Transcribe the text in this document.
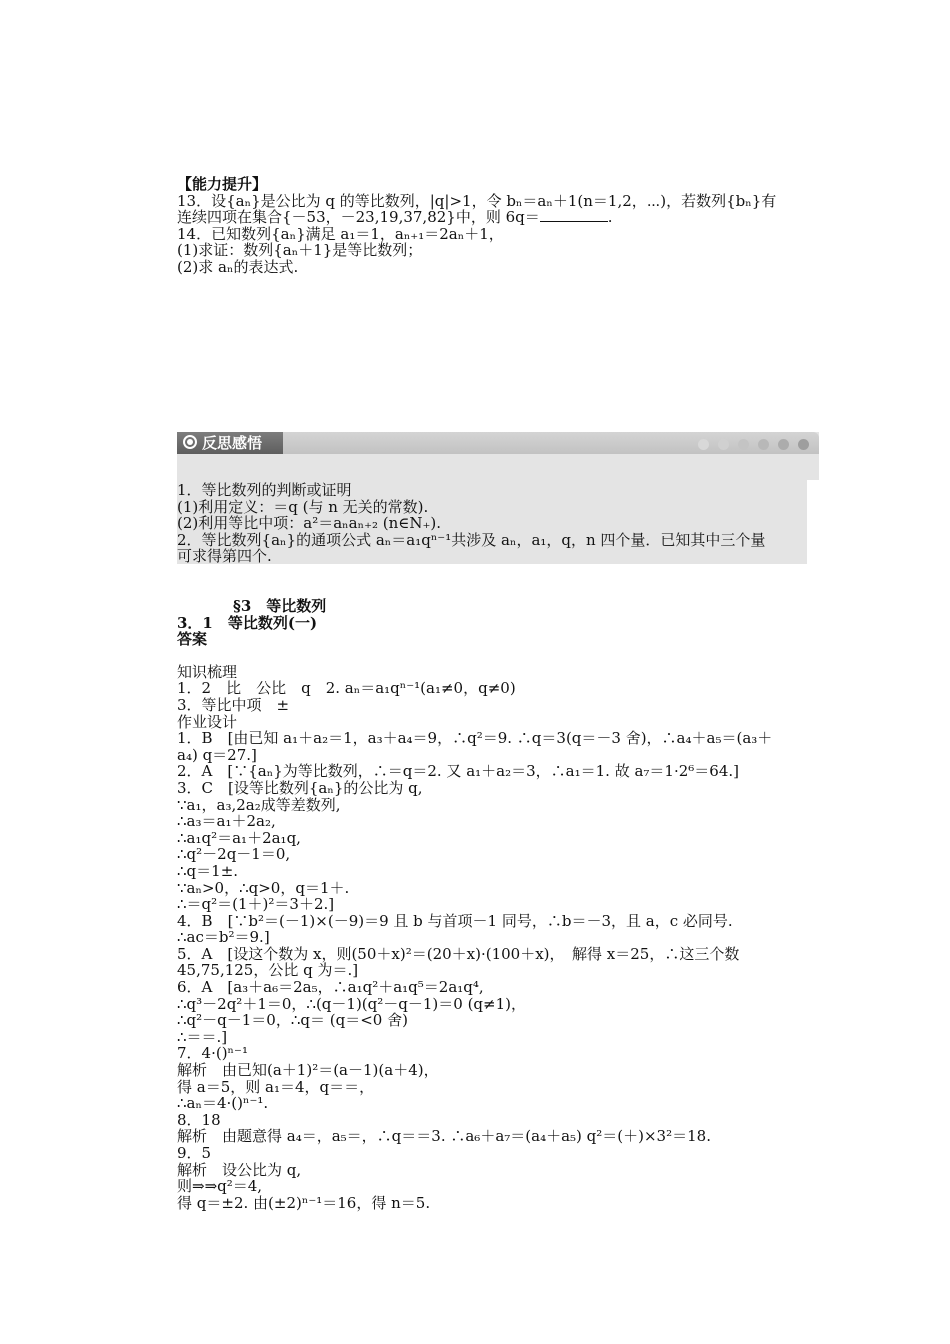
【能力提升】
13．设{aₙ}是公比为 q 的等比数列，|q|>1，令 bₙ＝aₙ＋1(n＝1,2，⋯)，若数列{bₙ}有
连续四项在集合{－53，－23,19,37,82}中，则 6q＝	.
14．已知数列{aₙ}满足 a₁＝1，aₙ₊₁＝2aₙ＋1，
(1)求证：数列{aₙ＋1}是等比数列；
(2)求 aₙ的表达式.
反思感悟
1．等比数列的判断或证明
(1)利用定义：＝q (与 n 无关的常数).
(2)利用等比中项：a²＝aₙaₙ₊₂ (n∈N₊).
2．等比数列{aₙ}的通项公式 aₙ＝a₁qⁿ⁻¹共涉及 aₙ，a₁，q，n 四个量．已知其中三个量
可求得第四个.
§3　等比数列
3．1　等比数列(一)
答案
知识梳理
1．2　比　公比　q　2. aₙ＝a₁qⁿ⁻¹(a₁≠0，q≠0)
3．等比中项　±
作业设计
1．B　[由已知 a₁＋a₂＝1，a₃＋a₄＝9，∴q²＝9. ∴q＝3(q＝－3 舍)，∴a₄＋a₅＝(a₃＋
a₄) q＝27.]
2．A　[∵{aₙ}为等比数列，∴＝q＝2. 又 a₁＋a₂＝3，∴a₁＝1. 故 a₇＝1·2⁶＝64.]
3．C　[设等比数列{aₙ}的公比为 q,
∵a₁，a₃,2a₂成等差数列,
∴a₃＝a₁＋2a₂,
∴a₁q²＝a₁＋2a₁q,
∴q²－2q－1＝0,
∴q＝1±.
∵aₙ>0，∴q>0，q＝1＋.
∴＝q²＝(1＋)²＝3＋2.]
4．B　[∵b²＝(－1)×(－9)＝9 且 b 与首项－1 同号，∴b＝－3，且 a，c 必同号.
∴ac＝b²＝9.]
5．A　[设这个数为 x，则(50＋x)²＝(20＋x)·(100＋x)，　解得 x＝25，∴这三个数
45,75,125，公比 q 为＝.]
6．A　[a₃＋a₆＝2a₅，∴a₁q²＋a₁q⁵＝2a₁q⁴,
∴q³－2q²＋1＝0，∴(q－1)(q²－q－1)＝0 (q≠1)，
∴q²－q－1＝0，∴q＝ (q＝<0 舍)
∴＝＝.]
7．4·()ⁿ⁻¹
解析　由已知(a＋1)²＝(a－1)(a＋4)，
得 a＝5，则 a₁＝4，q＝＝，
∴aₙ＝4·()ⁿ⁻¹.
8．18
解析　由题意得 a₄＝，a₅＝，∴q＝＝3. ∴a₆＋a₇＝(a₄＋a₅) q²＝(＋)×3²＝18.
9．5
解析　设公比为 q,
则⇒⇒q²＝4,
得 q＝±2. 由(±2)ⁿ⁻¹＝16，得 n＝5.
